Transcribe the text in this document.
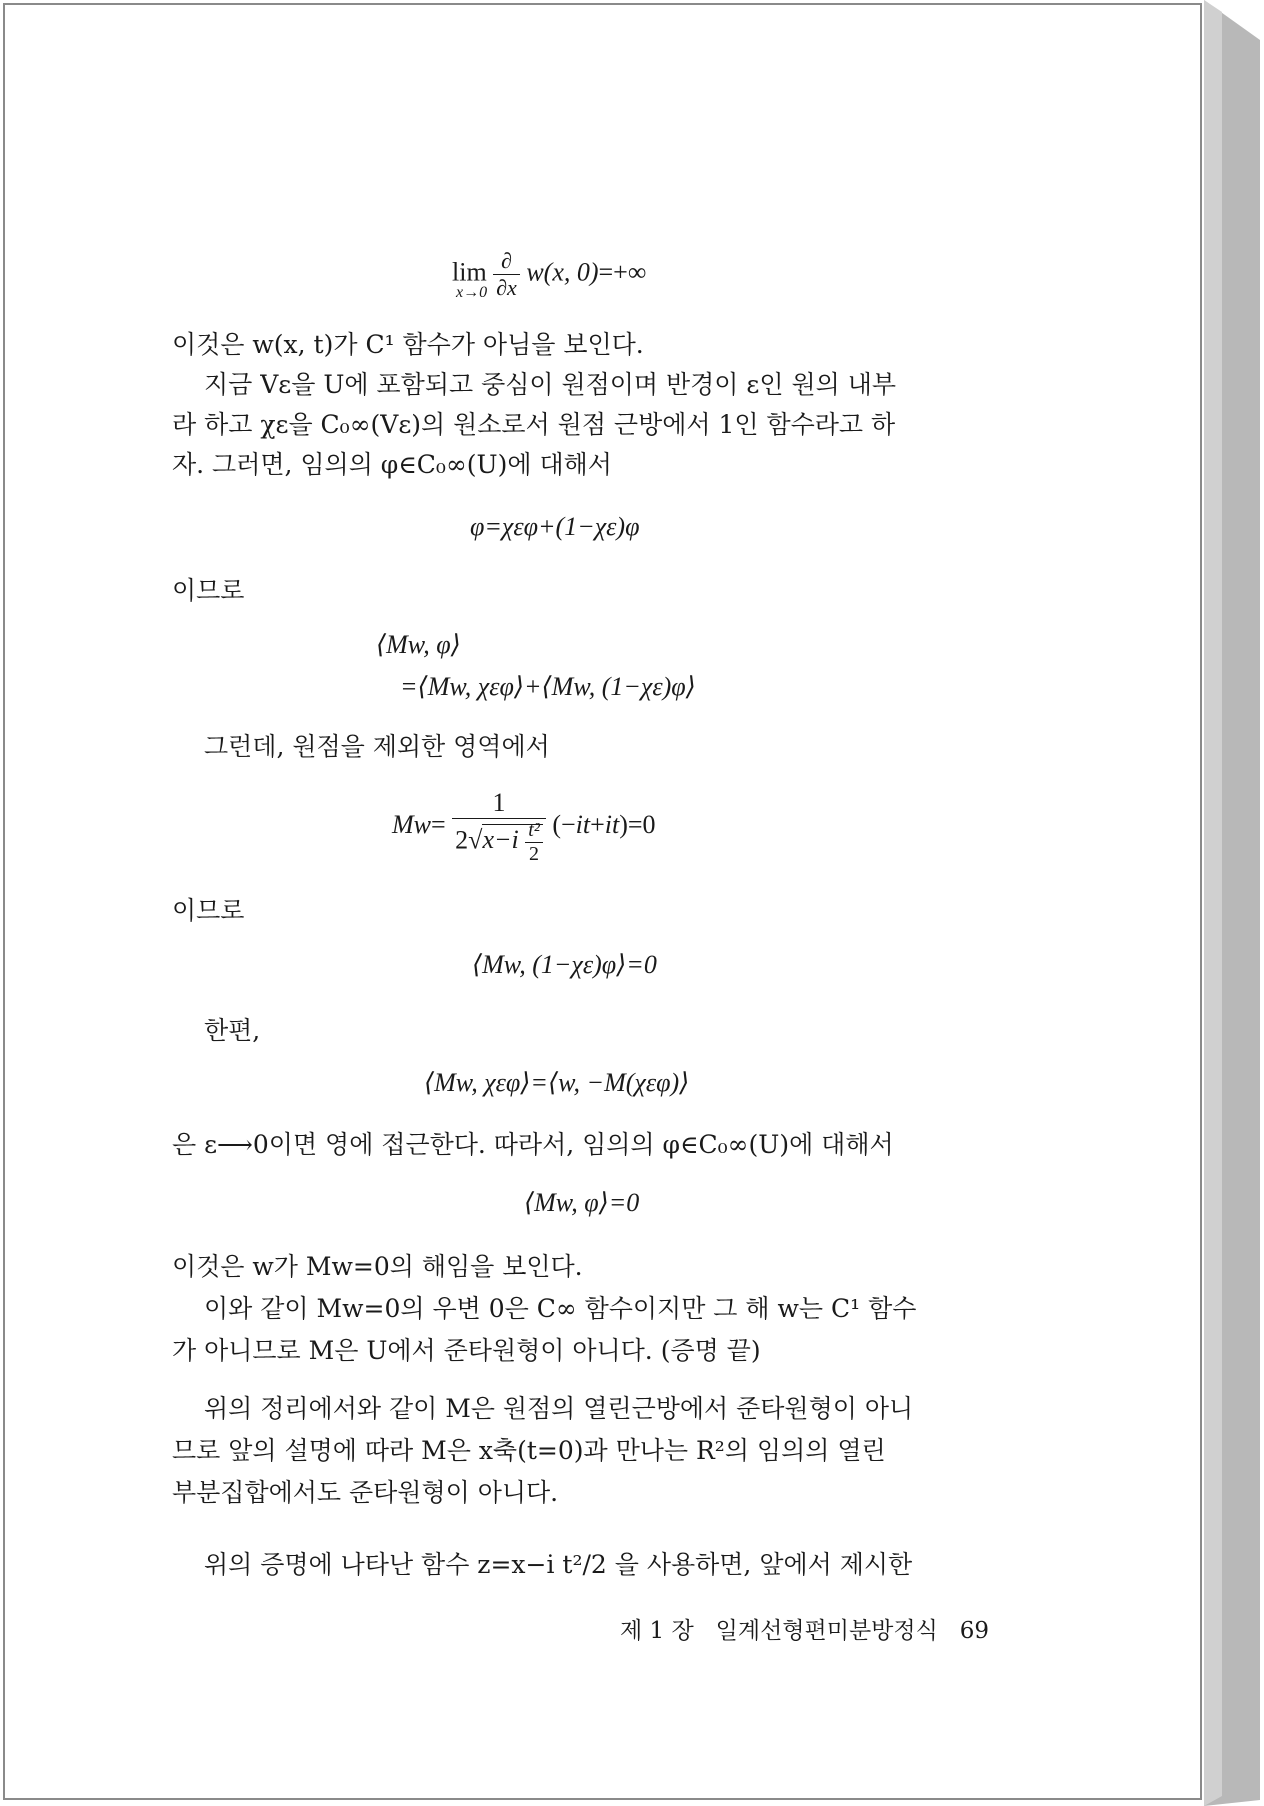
$\lim \frac{\partial}{\partial x} w(x$, 0)=+∞
x→0
이것은 w(x, t)가 C¹ 함수가 아님을 보인다.
지금 Vε을 U에 포함되고 중심이 원점이며 반경이 ε인 원의 내부
라 하고 χε을 C₀∞(Vε)의 원소로서 원점 근방에서 1인 함수라고 하
자. 그러면, 임의의 φ∈C₀∞(U)에 대해서
φ=χεφ+(1−χε)φ
이므로
⟨Mw, φ⟩
=⟨Mw, χεφ⟩+⟨Mw, (1−χε)φ⟩
그런데, 원점을 제외한 영역에서
$Mw= \frac{1}{2√x-i \frac{\text{t²}}{2}} (-it+it)=0$
이므로
⟨Mw, (1−χε)φ⟩=0
한편,
⟨Mw, χεφ⟩=⟨w, −M(χεφ)⟩
은 ε⟶0이면 영에 접근한다. 따라서, 임의의 φ∈C₀∞(U)에 대해서
⟨Mw, φ⟩=0
이것은 w가 Mw=0의 해임을 보인다.
이와 같이 Mw=0의 우변 0은 C∞ 함수이지만 그 해 w는 C¹ 함수
가 아니므로 M은 U에서 준타원형이 아니다. (증명 끝)
위의 정리에서와 같이 M은 원점의 열린근방에서 준타원형이 아니
므로 앞의 설명에 따라 M은 x축(t=0)과 만나는 R²의 임의의 열린
부분집합에서도 준타원형이 아니다.
위의 증명에 나타난 함수 z=x−i t²/2 을 사용하면, 앞에서 제시한
제 1 장 일계선형편미분방정식 69
